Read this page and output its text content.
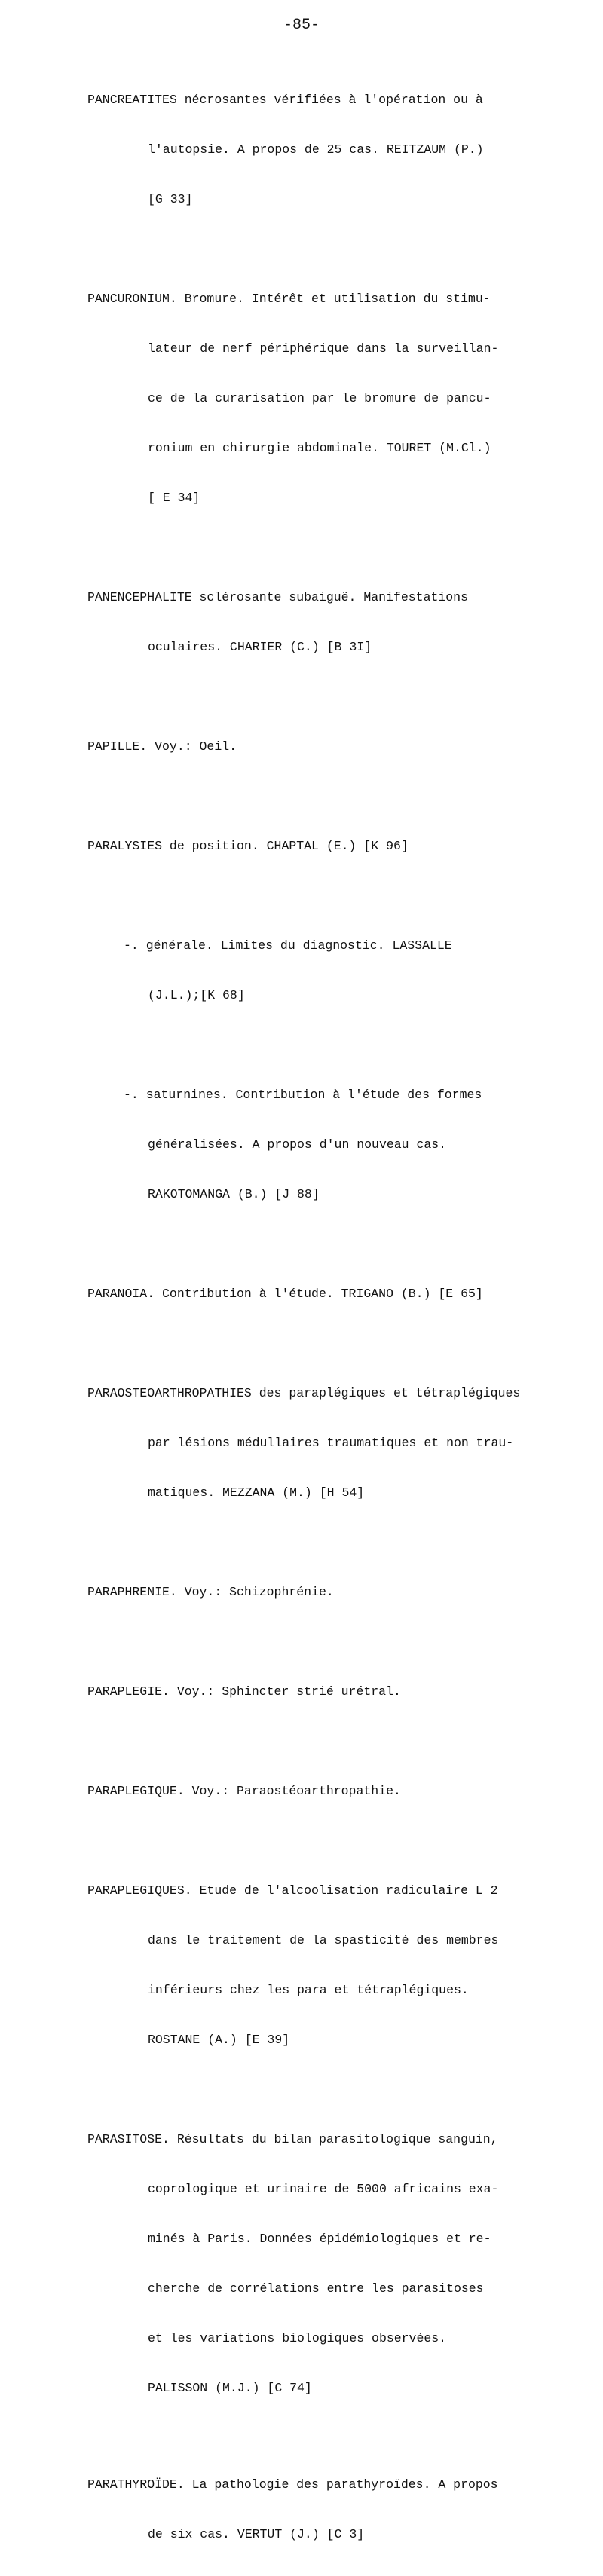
-85-

PANCREATITES nécrosantes vérifiées à l'opération ou à

l'autopsie. A propos de 25 cas. REITZAUM (P.)

[G 33]

PANCURONIUM. Bromure. Intérêt et utilisation du stimu-

lateur de nerf périphérique dans la surveillan-

ce de la curarisation par le bromure de pancu-

ronium en chirurgie abdominale. TOURET (M.Cl.)

[ E 34]

PANENCEPHALITE sclérosante subaiguë. Manifestations

oculaires. CHARIER (C.) [B 3I]

PAPILLE. Voy.: Oeil.

PARALYSIES de position. CHAPTAL (E.) [K 96]

-. générale. Limites du diagnostic. LASSALLE

(J.L.);[K 68]

-. saturnines. Contribution à l'étude des formes

généralisées. A propos d'un nouveau cas.

RAKOTOMANGA (B.) [J 88]

PARANOIA. Contribution à l'étude. TRIGANO (B.) [E 65]

PARAOSTEOARTHROPATHIES des paraplégiques et tétraplégiques

par lésions médullaires traumatiques et non trau-

matiques. MEZZANA (M.) [H 54]

PARAPHRENIE. Voy.: Schizophrénie.

PARAPLEGIE. Voy.: Sphincter strié urétral.

PARAPLEGIQUE. Voy.: Paraostéoarthropathie.

PARAPLEGIQUES. Etude de l'alcoolisation radiculaire L 2

dans le traitement de la spasticité des membres

inférieurs chez les para et tétraplégiques.

ROSTANE (A.) [E 39]

PARASITOSE. Résultats du bilan parasitologique sanguin,

coprologique et urinaire de 5000 africains exa-

minés à Paris. Données épidémiologiques et re-

cherche de corrélations entre les parasitoses

et les variations biologiques observées.

PALISSON (M.J.) [C 74]

PARATHYROÏDE. La pathologie des parathyroïdes. A propos

de six cas. VERTUT (J.) [C 3]
